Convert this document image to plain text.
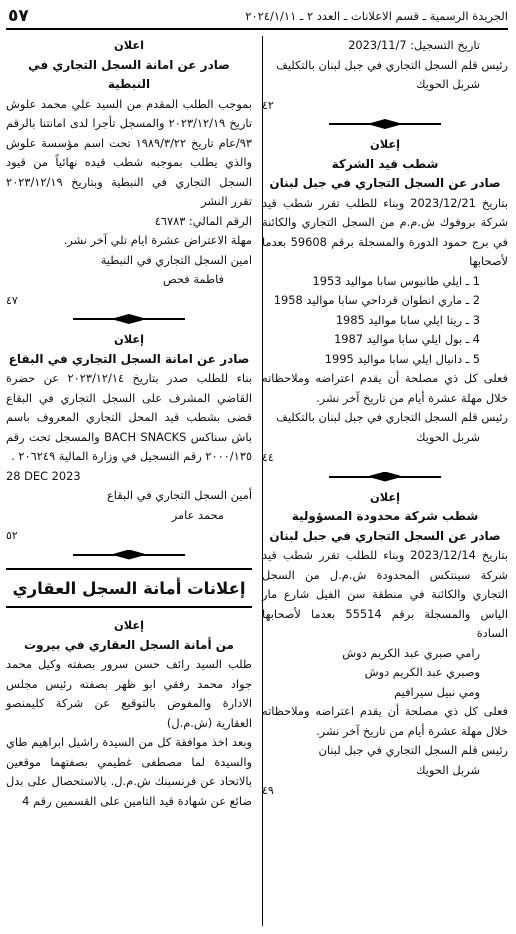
٥٧	الجريدة الرسمية ـ قسم الاعلانات ـ العدد ٢ ـ ٢٠٢٤/١/١١
تاريخ التسجيل: 2023/11/7
رئيس قلم السجل التجاري في جبل لبنان بالتكليف
شربل الحويك
٤٢
إعلان
شطب قيد الشركة
صادر عن السجل التجاري في جبل لبنان
بتاريخ 2023/12/21 وبناء للطلب تقرر شطب قيد شركة بروفوك ش.م.م من السجل التجاري والكائنة في برج حمود الدورة والمسجلة برقم 59608 بعدما لأصحابها
1 ـ ايلي طانيوس سابا مواليد 1953
2 ـ ماري انطوان قرداحي سابا مواليد 1958
3 ـ ريتا ايلي سابا مواليد 1985
4 ـ بول ايلي سابا مواليد 1987
5 ـ دانيال ايلي سابا مواليد 1995
فعلى كل ذي مصلحة أن يقدم اعتراضه وملاحظاته خلال مهلة عشرة أيام من تاريخ آخر نشر.
رئيس قلم السجل التجاري في جبل لبنان بالتكليف
شربل الحويك
٤٤
إعلان
شطب شركة محدودة المسؤولية
صادر عن السجل التجاري في جبل لبنان
بتاريخ 2023/12/14 وبناء للطلب تقرر شطب قيد شركة سينتكس المحدودة ش.م.ل من السجل التجاري والكائنة في منطقة سن الفيل شارع مار الياس والمسجلة برقم 55514 بعدما لأصحابها السادة
رامي صبري عبد الكريم دوش
وصبري عبد الكريم دوش
ومي نبيل سيرافيم
فعلى كل ذي مصلحة أن يقدم اعتراضه وملاحظاته خلال مهلة عشرة أيام من تاريخ آخر نشر.
رئيس قلم السجل التجاري في جبل لبنان
شربل الحويك
٤٩
اعلان
صادر عن امانة السجل التجاري في النبطية
بموجب الطلب المقدم من السيد علي محمد علوش تاريخ ٢٠٢٣/١٢/١٩ والمسجل تأجرا لدى امانتنا بالرقم ٩٣/عام تاريخ ١٩٨٩/٣/٢٢ تحت اسم مؤسسة علوش والذي يطلب بموجبه شطب قيده نهائياً من قيود السجل التجاري في النبطية وبتاريخ ٢٠٢٣/١٢/١٩ تقرر النشر
الرقم المالي: ٤٦٧٨٣
مهلة الاعتراض عشرة ايام تلي آخر نشر.
امين السجل التجاري في النبطية
فاطمة فحص
٤٧
إعلان
صادر عن امانة السجل التجاري في البقاع
بناء للطلب صدر بتاريخ ٢٠٢٣/١٢/١٤ عن حضرة القاضي المشرف على السجل التجاري في البقاع قضى بشطب قيد المحل التجاري المعروف باسم باش سناكس BACH SNACKS والمسجل تحت رقم ٢٠٠٠/١٣٥ رقم التسجيل في وزارة المالية ٢٠٦٢٤٩ .
28 DEC 2023
أمين السجل التجاري في البقاع
محمد عامر
٥٢
إعلانات أمانة السجل العقاري
إعلان
من أمانة السجل العقاري في بيروت
طلب السيد رائف حسن سرور بصفته وكيل محمد جواد محمد رفقي ابو ظهر بصفته رئيس مجلس الادارة والمفوض بالتوقيع عن شركة كليمنصو العقارية (ش.م.ل)
وبعد اخذ موافقة كل من السيدة راشيل ابراهيم طاي والسيدة لما مصطفى غطيمي بصفتهما موقعين بالاتحاد عن فرنسبنك ش.م.ل. بالاستحصال على بدل ضائع عن شهادة قيد التامين على القسمين رقم 4
